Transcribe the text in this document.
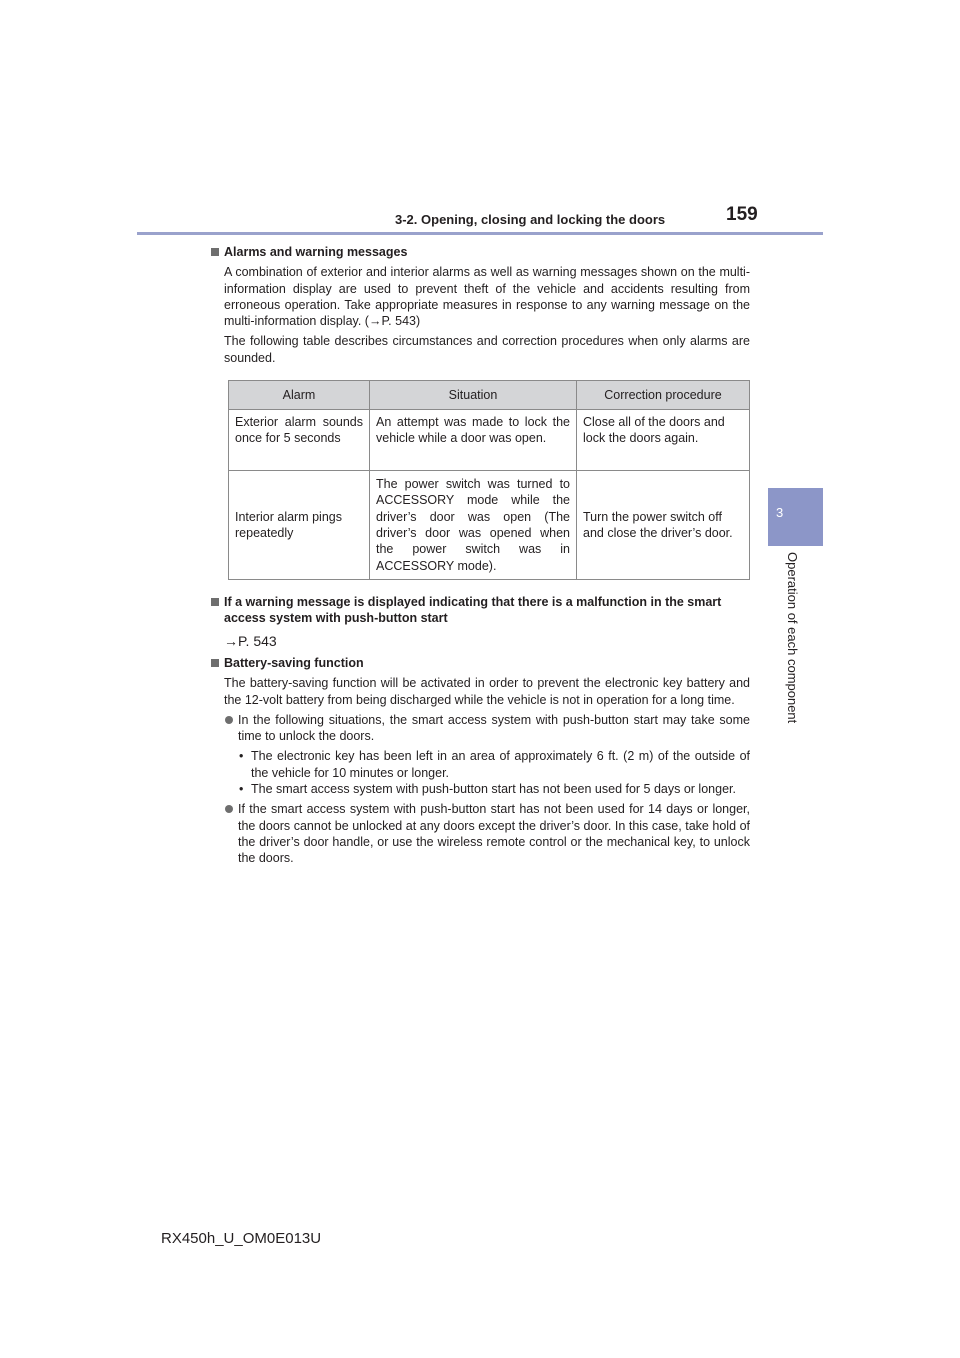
3-2. Opening, closing and locking the doors	159
3
Operation of each component
Alarms and warning messages

A combination of exterior and interior alarms as well as warning messages shown on the multi-information display are used to prevent theft of the vehicle and accidents resulting from erroneous operation. Take appropriate measures in response to any warning message on the multi-information display. (→P. 543)

The following table describes circumstances and correction procedures when only alarms are sounded.

Alarm	Situation	Correction procedure
Exterior alarm sounds once for 5 seconds	An attempt was made to lock the vehicle while a door was open.	Close all of the doors and lock the doors again.
Interior alarm pings repeatedly	The power switch was turned to ACCESSORY mode while the driver’s door was open (The driver’s door was opened when the power switch was in ACCESSORY mode).	Turn the power switch off and close the driver’s door.
If a warning message is displayed indicating that there is a malfunction in the smart access system with push-button start

→P. 543

Battery-saving function

The battery-saving function will be activated in order to prevent the electronic key battery and the 12-volt battery from being discharged while the vehicle is not in operation for a long time.

In the following situations, the smart access system with push-button start may take some time to unlock the doors.
• The electronic key has been left in an area of approximately 6 ft. (2 m) of the outside of the vehicle for 10 minutes or longer.
• The smart access system with push-button start has not been used for 5 days or longer.
If the smart access system with push-button start has not been used for 14 days or longer, the doors cannot be unlocked at any doors except the driver’s door. In this case, take hold of the driver’s door handle, or use the wireless remote control or the mechanical key, to unlock the doors.
RX450h_U_OM0E013U
